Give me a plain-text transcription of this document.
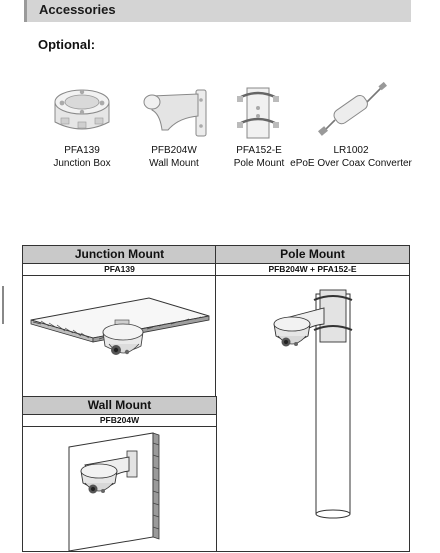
Accessories
Optional:
PFA139
Junction Box
PFB204W
Wall Mount
PFA152-E
Pole Mount
LR1002
ePoE Over Coax Converter
Junction Mount
PFA139
Pole Mount
PFB204W + PFA152-E
Wall Mount
PFB204W
